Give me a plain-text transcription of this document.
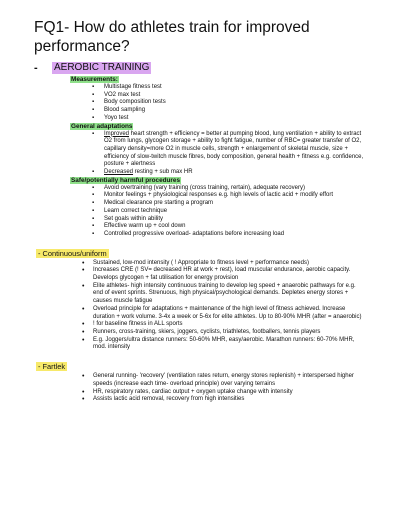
FQ1- How do athletes train for improved performance?
-	AEROBIC TRAINING
Measurements:
▪ Multistage fitness test
▪ VO2 max test
▪ Body composition tests
▪ Blood sampling
▪ Yoyo test
General adaptations
▪ Improved heart strength + efficiency = better at pumping blood, lung ventilation + ability to extract O2 from lungs, glycogen storage + ability to fight fatigue, number of RBC= greater transfer of O2, capillary density=more O2 in muscle cells, strength + enlargement of skeletal muscle, size + efficiency of slow-twitch muscle fibres, body composition, general health + fitness e.g. confidence, posture + alertness
▪ Decreased resting + sub max HR
Safe/potentially harmful procedures
▪ Avoid overtraining (vary training (cross training, rertain), adequate recovery)
▪ Monitor feelings + physiological responses e.g. high levels of lactic acid + modify effort
▪ Medical clearance pre starting a program
▪ Learn correct technique
▪ Set goals within ability
▪ Effective warm up + cool down
▪ Controlled progressive overload- adaptations before increasing load
- Continuous/uniform
• Sustained, low-mod intensity ( ! Appropriate to fitness level + performance needs)
• Increases CRE (! SV= decreased HR at work + rest), load muscular endurance, aerobic capacity. Develops glycogen + fat utilisation for energy provision
• Elite athletes- high intensity continuous training to develop leg speed + anaerobic pathways for e.g. end of event sprints. Strenuous, high physical/psychological demands. Depletes energy stores + causes muscle fatigue
• Overload principle for adaptations + maintenance of the high level of fitness achieved. Increase duration + work volume. 3-4x a week or 5-6x for elite athletes. Up to 80-90% MHR (after = anaerobic)
• ! for baseline fitness in ALL sports
• Runners, cross-training, skiers, joggers, cyclists, triathletes, footballers, tennis players
• E.g. Joggers/ultra distance runners: 50-60% MHR, easy/aerobic. Marathon runners: 60-70% MHR, mod. intensity
- Fartlek
• General running- 'recovery' (ventilation rates return, energy stores replenish) + interspersed higher speeds (increase each time- overload principle) over varying terrains
• HR, respiratory rates, cardiac output + oxygen uptake change with intensity
• Assists lactic acid removal, recovery from high intensities
